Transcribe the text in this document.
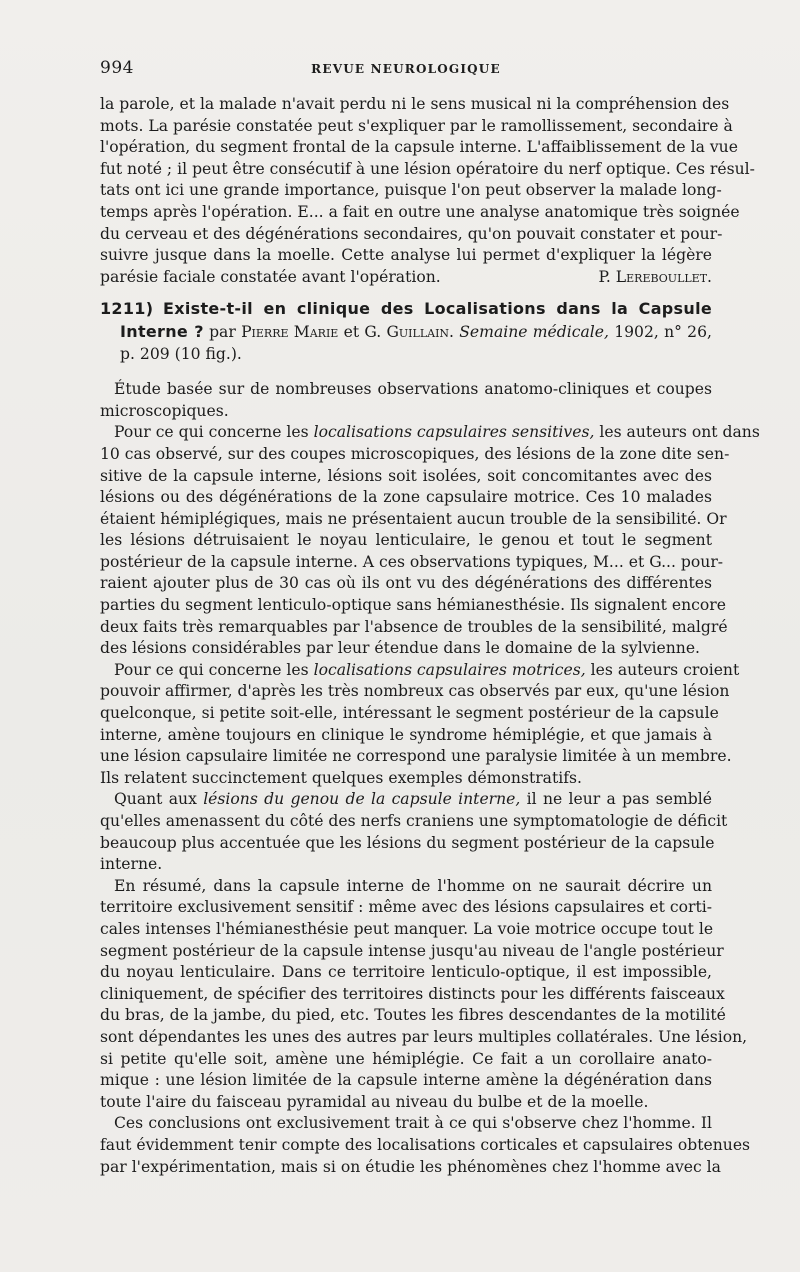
994	REVUE NEUROLOGIQUE
la parole, et la malade n'avait perdu ni le sens musical ni la compréhension des
mots. La parésie constatée peut s'expliquer par le ramollissement, secondaire à
l'opération, du segment frontal de la capsule interne. L'affaiblissement de la vue
fut noté ; il peut être consécutif à une lésion opératoire du nerf optique. Ces résul-
tats ont ici une grande importance, puisque l'on peut observer la malade long-
temps après l'opération. E... a fait en outre une analyse anatomique très soignée
du cerveau et des dégénérations secondaires, qu'on pouvait constater et pour-
suivre jusque dans la moelle. Cette analyse lui permet d'expliquer la légère
parésie faciale constatée avant l'opération.	P. Lereboullet.
1211) Existe-t-il en clinique des Localisations dans la Capsule
Interne ? par Pierre Marie et G. Guillain. Semaine médicale, 1902, n° 26,
p. 209 (10 fig.).
Étude basée sur de nombreuses observations anatomo-cliniques et coupes
microscopiques.
Pour ce qui concerne les localisations capsulaires sensitives, les auteurs ont dans
10 cas observé, sur des coupes microscopiques, des lésions de la zone dite sen-
sitive de la capsule interne, lésions soit isolées, soit concomitantes avec des
lésions ou des dégénérations de la zone capsulaire motrice. Ces 10 malades
étaient hémiplégiques, mais ne présentaient aucun trouble de la sensibilité. Or
les lésions détruisaient le noyau lenticulaire, le genou et tout le segment
postérieur de la capsule interne. A ces observations typiques, M... et G... pour-
raient ajouter plus de 30 cas où ils ont vu des dégénérations des différentes
parties du segment lenticulo-optique sans hémianesthésie. Ils signalent encore
deux faits très remarquables par l'absence de troubles de la sensibilité, malgré
des lésions considérables par leur étendue dans le domaine de la sylvienne.
Pour ce qui concerne les localisations capsulaires motrices, les auteurs croient
pouvoir affirmer, d'après les très nombreux cas observés par eux, qu'une lésion
quelconque, si petite soit-elle, intéressant le segment postérieur de la capsule
interne, amène toujours en clinique le syndrome hémiplégie, et que jamais à
une lésion capsulaire limitée ne correspond une paralysie limitée à un membre.
Ils relatent succinctement quelques exemples démonstratifs.
Quant aux lésions du genou de la capsule interne, il ne leur a pas semblé
qu'elles amenassent du côté des nerfs craniens une symptomatologie de déficit
beaucoup plus accentuée que les lésions du segment postérieur de la capsule
interne.
En résumé, dans la capsule interne de l'homme on ne saurait décrire un
territoire exclusivement sensitif : même avec des lésions capsulaires et corti-
cales intenses l'hémianesthésie peut manquer. La voie motrice occupe tout le
segment postérieur de la capsule intense jusqu'au niveau de l'angle postérieur
du noyau lenticulaire. Dans ce territoire lenticulo-optique, il est impossible,
cliniquement, de spécifier des territoires distincts pour les différents faisceaux
du bras, de la jambe, du pied, etc. Toutes les fibres descendantes de la motilité
sont dépendantes les unes des autres par leurs multiples collatérales. Une lésion,
si petite qu'elle soit, amène une hémiplégie. Ce fait a un corollaire anato-
mique : une lésion limitée de la capsule interne amène la dégénération dans
toute l'aire du faisceau pyramidal au niveau du bulbe et de la moelle.
Ces conclusions ont exclusivement trait à ce qui s'observe chez l'homme. Il
faut évidemment tenir compte des localisations corticales et capsulaires obtenues
par l'expérimentation, mais si on étudie les phénomènes chez l'homme avec la
